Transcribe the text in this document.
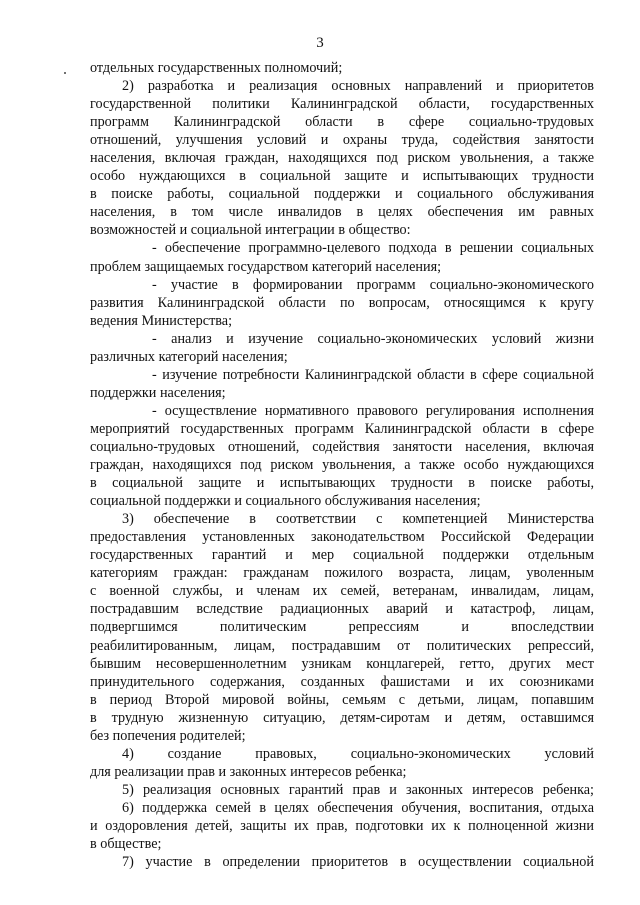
3
отдельных государственных полномочий;
2) разработка и реализация основных направлений и приоритетов
государственной политики Калининградской области, государственных
программ Калининградской области в сфере социально-трудовых
отношений, улучшения условий и охраны труда, содействия занятости
населения, включая граждан, находящихся под риском увольнения, а также
особо нуждающихся в социальной защите и испытывающих трудности
в поиске работы, социальной поддержки и социального обслуживания
населения, в том числе инвалидов в целях обеспечения им равных
возможностей и социальной интеграции в общество:
- обеспечение программно-целевого подхода в решении социальных
проблем защищаемых государством категорий населения;
- участие в формировании программ социально-экономического
развития Калининградской области по вопросам, относящимся к кругу
ведения Министерства;
- анализ и изучение социально-экономических условий жизни
различных категорий населения;
- изучение потребности Калининградской области в сфере социальной
поддержки населения;
- осуществление нормативного правового регулирования исполнения
мероприятий государственных программ Калининградской области в сфере
социально-трудовых отношений, содействия занятости населения, включая
граждан, находящихся под риском увольнения, а также особо нуждающихся
в социальной защите и испытывающих трудности в поиске работы,
социальной поддержки и социального обслуживания населения;
3) обеспечение в соответствии с компетенцией Министерства
предоставления установленных законодательством Российской Федерации
государственных гарантий и мер социальной поддержки отдельным
категориям граждан: гражданам пожилого возраста, лицам, уволенным
с военной службы, и членам их семей, ветеранам, инвалидам, лицам,
пострадавшим вследствие радиационных аварий и катастроф, лицам,
подвергшимся политическим репрессиям и впоследствии
реабилитированным, лицам, пострадавшим от политических репрессий,
бывшим несовершеннолетним узникам концлагерей, гетто, других мест
принудительного содержания, созданных фашистами и их союзниками
в период Второй мировой войны, семьям с детьми, лицам, попавшим
в трудную жизненную ситуацию, детям-сиротам и детям, оставшимся
без попечения родителей;
4) создание правовых, социально-экономических условий
для реализации прав и законных интересов ребенка;
5) реализация основных гарантий прав и законных интересов ребенка;
6) поддержка семей в целях обеспечения обучения, воспитания, отдыха
и оздоровления детей, защиты их прав, подготовки их к полноценной жизни
в обществе;
7) участие в определении приоритетов в осуществлении социальной
